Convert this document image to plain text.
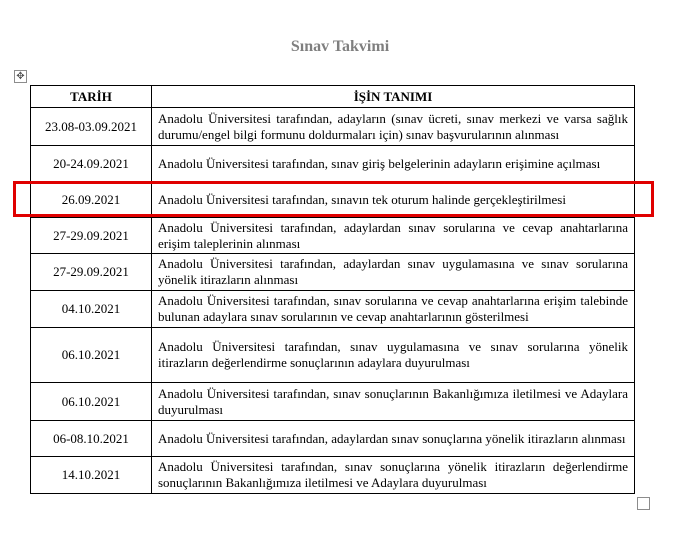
Sınav Takvimi
✥
TARİH	İŞİN TANIMI
23.08-03.09.2021	Anadolu Üniversitesi tarafından, adayların (sınav ücreti, sınav merkezi ve varsa sağlık durumu/engel bilgi formunu doldurmaları için) sınav başvurularının alınması
20-24.09.2021	Anadolu Üniversitesi tarafından, sınav giriş belgelerinin adayların erişimine açılması
26.09.2021	Anadolu Üniversitesi tarafından, sınavın tek oturum halinde gerçekleştirilmesi
27-29.09.2021	Anadolu Üniversitesi tarafından, adaylardan sınav sorularına ve cevap anahtarlarına erişim taleplerinin alınması
27-29.09.2021	Anadolu Üniversitesi tarafından, adaylardan sınav uygulamasına ve sınav sorularına yönelik itirazların alınması
04.10.2021	Anadolu Üniversitesi tarafından, sınav sorularına ve cevap anahtarlarına erişim talebinde bulunan adaylara sınav sorularının ve cevap anahtarlarının gösterilmesi
06.10.2021	Anadolu Üniversitesi tarafından, sınav uygulamasına ve sınav sorularına yönelik itirazların değerlendirme sonuçlarının adaylara duyurulması
06.10.2021	Anadolu Üniversitesi tarafından, sınav sonuçlarının Bakanlığımıza iletilmesi ve Adaylara duyurulması
06-08.10.2021	Anadolu Üniversitesi tarafından, adaylardan sınav sonuçlarına yönelik itirazların alınması
14.10.2021	Anadolu Üniversitesi tarafından, sınav sonuçlarına yönelik itirazların değerlendirme sonuçlarının Bakanlığımıza iletilmesi ve Adaylara duyurulması
